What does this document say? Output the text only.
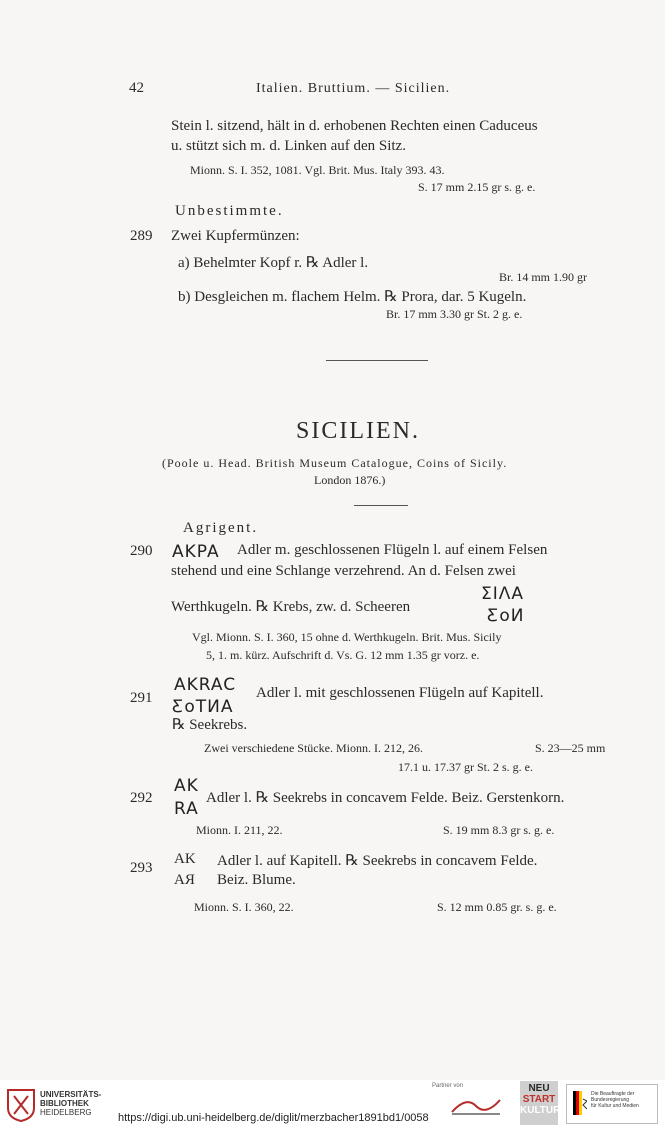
42	Italien. Bruttium. — Sicilien.
Stein l. sitzend, hält in d. erhobenen Rechten einen Caduceus
u. stützt sich m. d. Linken auf den Sitz.
Mionn. S. I. 352, 1081. Vgl. Brit. Mus. Italy 393. 43.
S. 17 mm 2.15 gr s. g. e.
Unbestimmte.
289 Zwei Kupfermünzen:
a) Behelmter Kopf r. ℞ Adler l.
Br. 14 mm 1.90 gr
b) Desgleichen m. flachem Helm. ℞ Prora, dar. 5 Kugeln.
Br. 17 mm 3.30 gr St. 2 g. e.
SICILIEN.
(Poole u. Head. British Museum Catalogue, Coins of Sicily.
London 1876.)
Agrigent.
290 AKPA Adler m. geschlossenen Flügeln l. auf einem Felsen
stehend und eine Schlange verzehrend. An d. Felsen zwei
Werthkugeln. ℞ Krebs, zw. d. Scheeren
ΣΙΛΑ
ƸoИ
Vgl. Mionn. S. I. 360, 15 ohne d. Werthkugeln. Brit. Mus. Sicily
5, 1. m. kürz. Aufschrift d. Vs. G. 12 mm 1.35 gr vorz. e.
291
AKRAC
ƸoTИA
Adler l. mit geschlossenen Flügeln auf Kapitell.
℞ Seekrebs.
Zwei verschiedene Stücke. Mionn. I. 212, 26.	S. 23—25 mm
17.1 u. 17.37 gr St. 2 s. g. e.
292
AK
RA
Adler l. ℞ Seekrebs in concavem Felde. Beiz. Gerstenkorn.
Mionn. I. 211, 22.	S. 19 mm 8.3 gr s. g. e.
293
AK
AЯ
Adler l. auf Kapitell. ℞ Seekrebs in concavem Felde.
Beiz. Blume.
Mionn. S. I. 360, 22.	S. 12 mm 0.85 gr. s. g. e.
UNIVERSITÄTS-
BIBLIOTHEK
HEIDELBERG	https://digi.ub.uni-heidelberg.de/diglit/merzbacher1891bd1/0058
Partner von	NEU
START
KULTUR
Die Beauftragte der Bundesregierung
für Kultur und Medien
